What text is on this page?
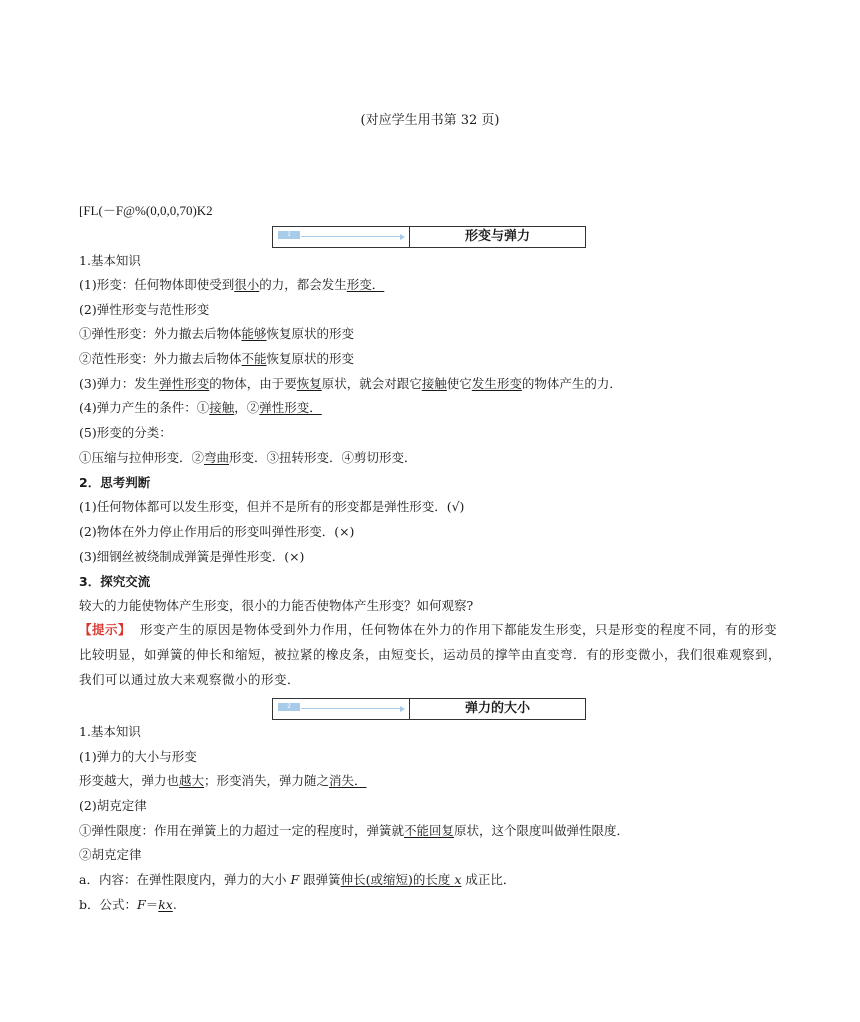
(对应学生用书第 32 页)
[FL(－F@%(0,0,0,70)K2
1	形变与弹力
1.基本知识
(1)形变：任何物体即使受到很小的力，都会发生形变．
(2)弹性形变与范性形变
①弹性形变：外力撤去后物体能够恢复原状的形变
②范性形变：外力撤去后物体不能恢复原状的形变
(3)弹力：发生弹性形变的物体，由于要恢复原状，就会对跟它接触使它发生形变的物体产生的力．
(4)弹力产生的条件：①接触，②弹性形变．
(5)形变的分类：
①压缩与拉伸形变．②弯曲形变．③扭转形变．④剪切形变．
2．思考判断
(1)任何物体都可以发生形变，但并不是所有的形变都是弹性形变．(√)
(2)物体在外力停止作用后的形变叫弹性形变．(×)
(3)细钢丝被绕制成弹簧是弹性形变．(×)
3．探究交流
较大的力能使物体产生形变，很小的力能否使物体产生形变？如何观察?
【提示】 形变产生的原因是物体受到外力作用，任何物体在外力的作用下都能发生形变，只是形变的程度不同，有的形变比较明显，如弹簧的伸长和缩短，被拉紧的橡皮条，由短变长，运动员的撑竿由直变弯．有的形变微小，我们很难观察到，我们可以通过放大来观察微小的形变．
2	弹力的大小
1.基本知识
(1)弹力的大小与形变
形变越大，弹力也越大；形变消失，弹力随之消失．
(2)胡克定律
①弹性限度：作用在弹簧上的力超过一定的程度时，弹簧就不能回复原状，这个限度叫做弹性限度．
②胡克定律
a．内容：在弹性限度内，弹力的大小 F 跟弹簧伸长(或缩短)的长度 x 成正比．
b．公式：F＝kx.
